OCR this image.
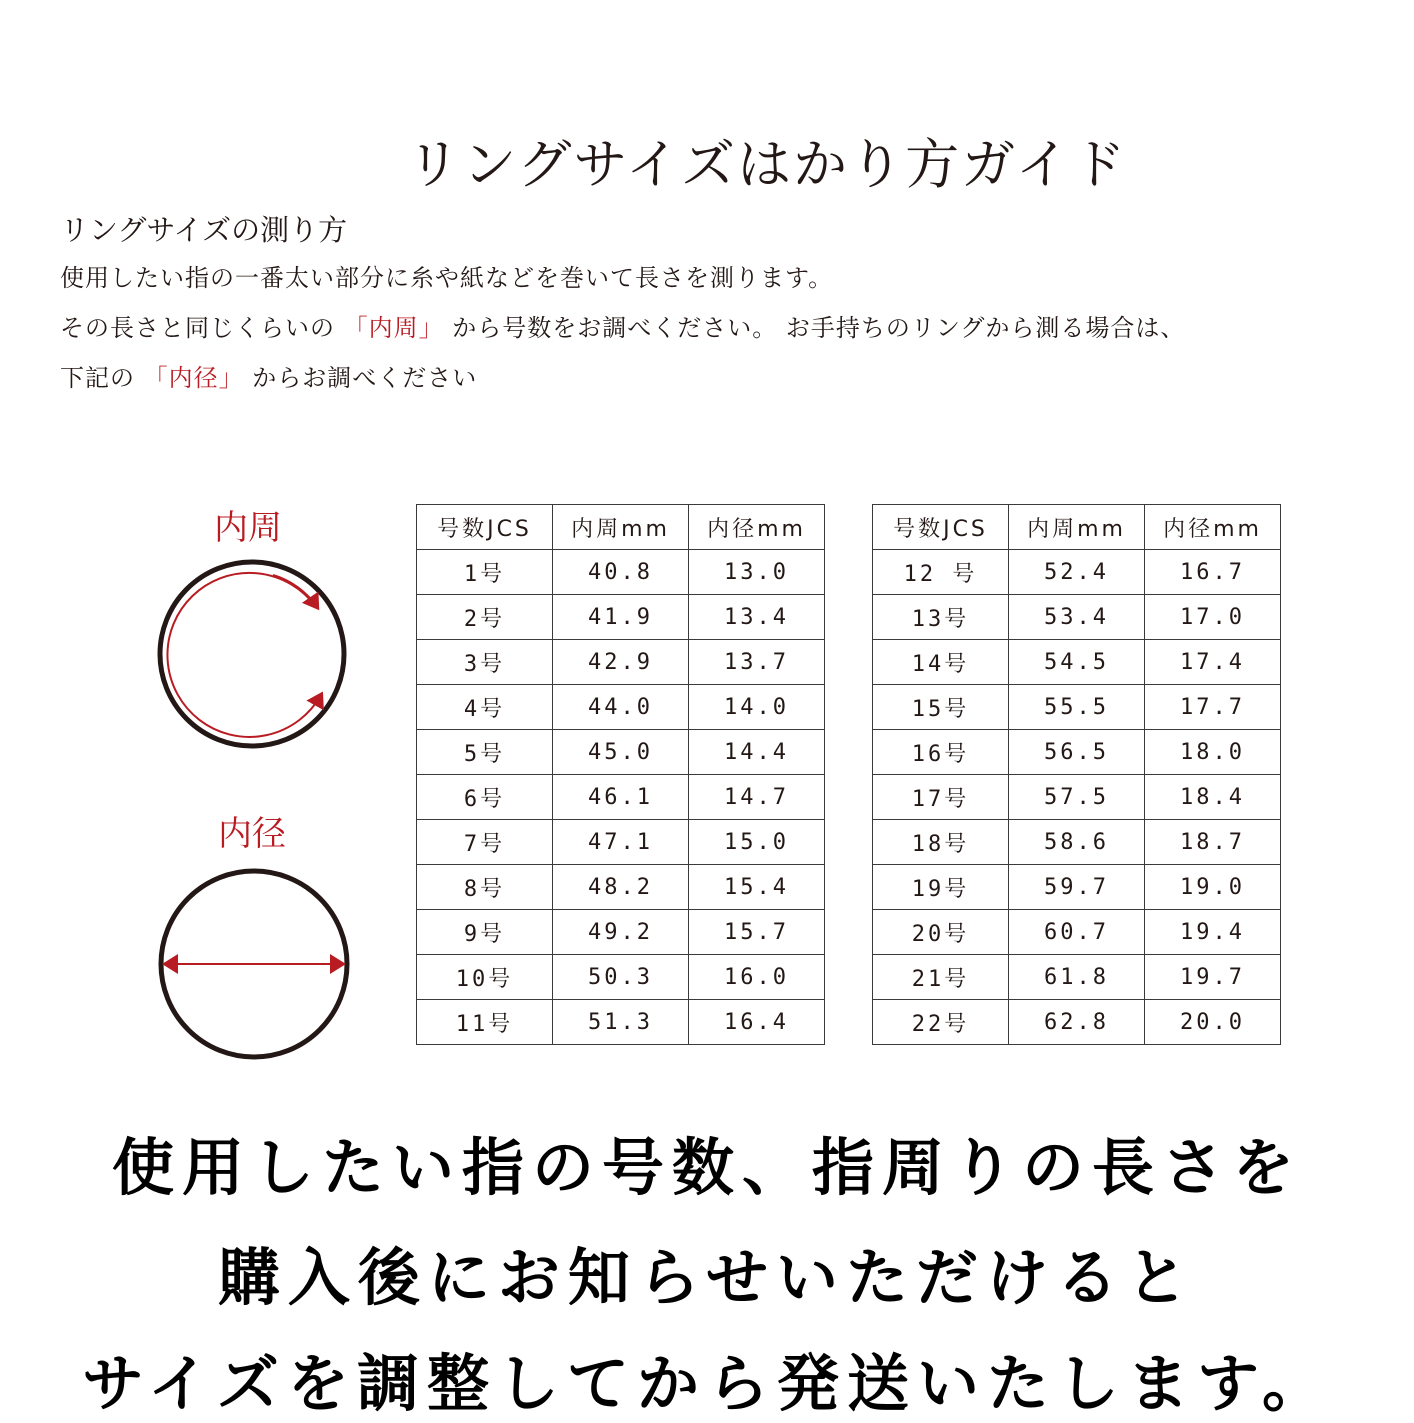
リングサイズはかり方ガイド
リングサイズの測り方
使用したい指の一番太い部分に糸や紙などを巻いて長さを測ります。
その長さと同じくらいの 「内周」 から号数をお調べください。 お手持ちのリングから測る場合は、
下記の 「内径」 からお調べください
内周
内径
号数JCS	内周mm	内径mm
1号	40.8	13.0
2号	41.9	13.4
3号	42.9	13.7
4号	44.0	14.0
5号	45.0	14.4
6号	46.1	14.7
7号	47.1	15.0
8号	48.2	15.4
9号	49.2	15.7
10号	50.3	16.0
11号	51.3	16.4
号数JCS	内周mm	内径mm
12 号	52.4	16.7
13号	53.4	17.0
14号	54.5	17.4
15号	55.5	17.7
16号	56.5	18.0
17号	57.5	18.4
18号	58.6	18.7
19号	59.7	19.0
20号	60.7	19.4
21号	61.8	19.7
22号	62.8	20.0
使用したい指の号数、指周りの長さを
購入後にお知らせいただけると
サイズを調整してから発送いたします。
